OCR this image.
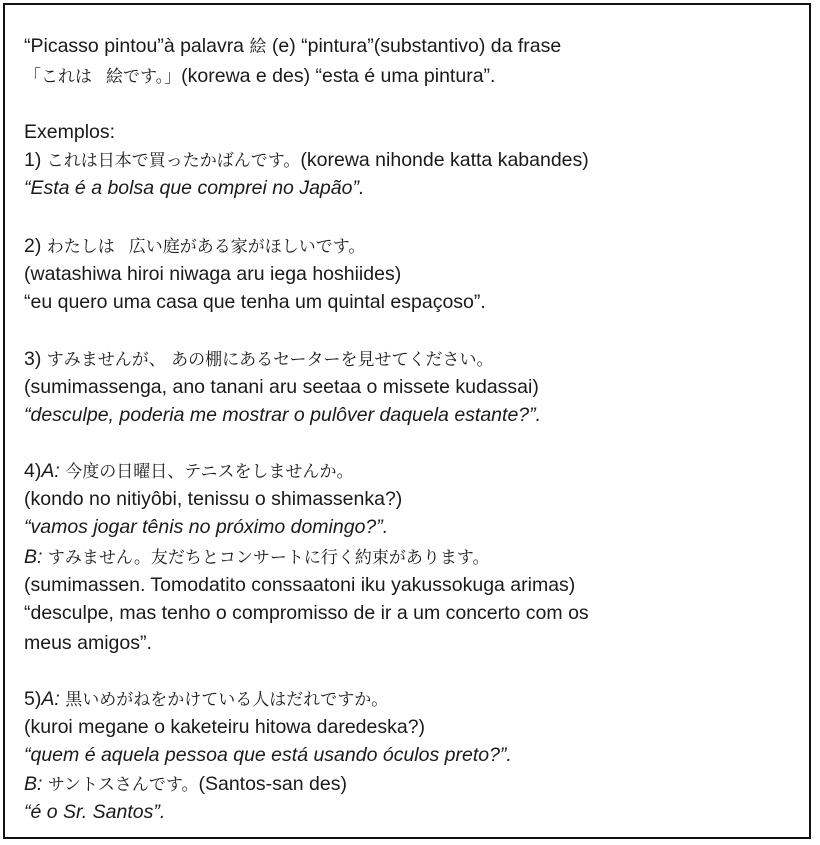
“Picasso pintou”à palavra 絵 (e) “pintura”(substantivo) da frase
「これは 絵です。」(korewa e des) “esta é uma pintura”.
Exemplos:
1) これは日本で買ったかばんです。(korewa nihonde katta kabandes)
“Esta é a bolsa que comprei no Japão”.
2) わたしは 広い庭がある家がほしいです。
(watashiwa hiroi niwaga aru iega hoshiides)
“eu quero uma casa que tenha um quintal espaçoso”.
3) すみませんが、 あの棚にあるセーターを見せてください。
(sumimassenga, ano tanani aru seetaa o missete kudassai)
“desculpe, poderia me mostrar o pulôver daquela estante?”.
4)A: 今度の日曜日、テニスをしませんか。
(kondo no nitiyôbi, tenissu o shimassenka?)
“vamos jogar tênis no próximo domingo?”.
B: すみません。友だちとコンサートに行く約束があります。
(sumimassen. Tomodatito conssaatoni iku yakussokuga arimas)
“desculpe, mas tenho o compromisso de ir a um concerto com os
meus amigos”.
5)A: 黒いめがねをかけている人はだれですか。
(kuroi megane o kaketeiru hitowa daredeska?)
“quem é aquela pessoa que está usando óculos preto?”.
B: サントスさんです。(Santos-san des)
“é o Sr. Santos”.
